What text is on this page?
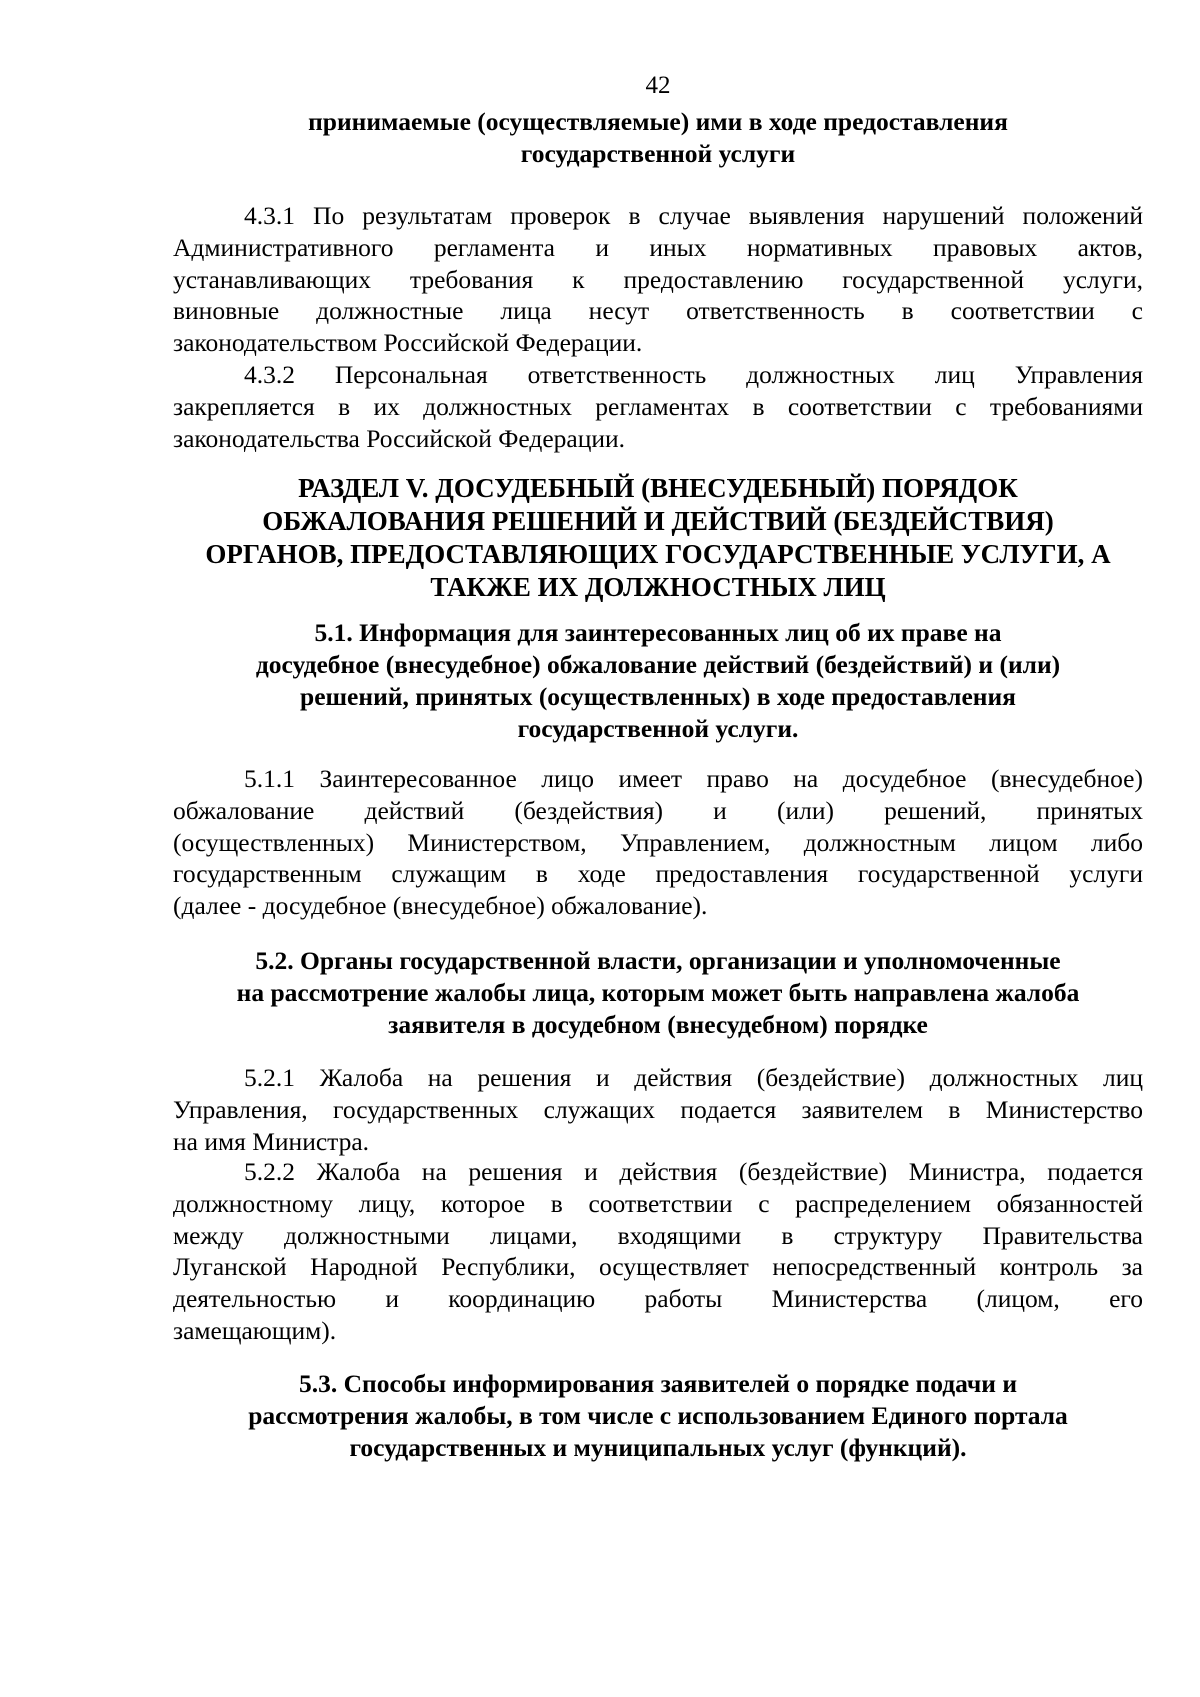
42
принимаемые (осуществляемые) ими в ходе предоставления
государственной услуги
4.3.1 По результатам проверок в случае выявления нарушений положений
Административного регламента и иных нормативных правовых актов,
устанавливающих требования к предоставлению государственной услуги,
виновные должностные лица несут ответственность в соответствии с
законодательством Российской Федерации.
4.3.2 Персональная ответственность должностных лиц Управления
закрепляется в их должностных регламентах в соответствии с требованиями
законодательства Российской Федерации.
РАЗДЕЛ V. ДОСУДЕБНЫЙ (ВНЕСУДЕБНЫЙ) ПОРЯДОК
ОБЖАЛОВАНИЯ РЕШЕНИЙ И ДЕЙСТВИЙ (БЕЗДЕЙСТВИЯ)
ОРГАНОВ, ПРЕДОСТАВЛЯЮЩИХ ГОСУДАРСТВЕННЫЕ УСЛУГИ, А
ТАКЖЕ ИХ ДОЛЖНОСТНЫХ ЛИЦ
5.1. Информация для заинтересованных лиц об их праве на
досудебное (внесудебное) обжалование действий (бездействий) и (или)
решений, принятых (осуществленных) в ходе предоставления
государственной услуги.
5.1.1 Заинтересованное лицо имеет право на досудебное (внесудебное)
обжалование действий (бездействия) и (или) решений, принятых
(осуществленных) Министерством, Управлением, должностным лицом либо
государственным служащим в ходе предоставления государственной услуги
(далее - досудебное (внесудебное) обжалование).
5.2. Органы государственной власти, организации и уполномоченные
на рассмотрение жалобы лица, которым может быть направлена жалоба
заявителя в досудебном (внесудебном) порядке
5.2.1 Жалоба на решения и действия (бездействие) должностных лиц
Управления, государственных служащих подается заявителем в Министерство
на имя Министра.
5.2.2 Жалоба на решения и действия (бездействие) Министра, подается
должностному лицу, которое в соответствии с распределением обязанностей
между должностными лицами, входящими в структуру Правительства
Луганской Народной Республики, осуществляет непосредственный контроль за
деятельностью и координацию работы Министерства (лицом, его
замещающим).
5.3. Способы информирования заявителей о порядке подачи и
рассмотрения жалобы, в том числе с использованием Единого портала
государственных и муниципальных услуг (функций).
